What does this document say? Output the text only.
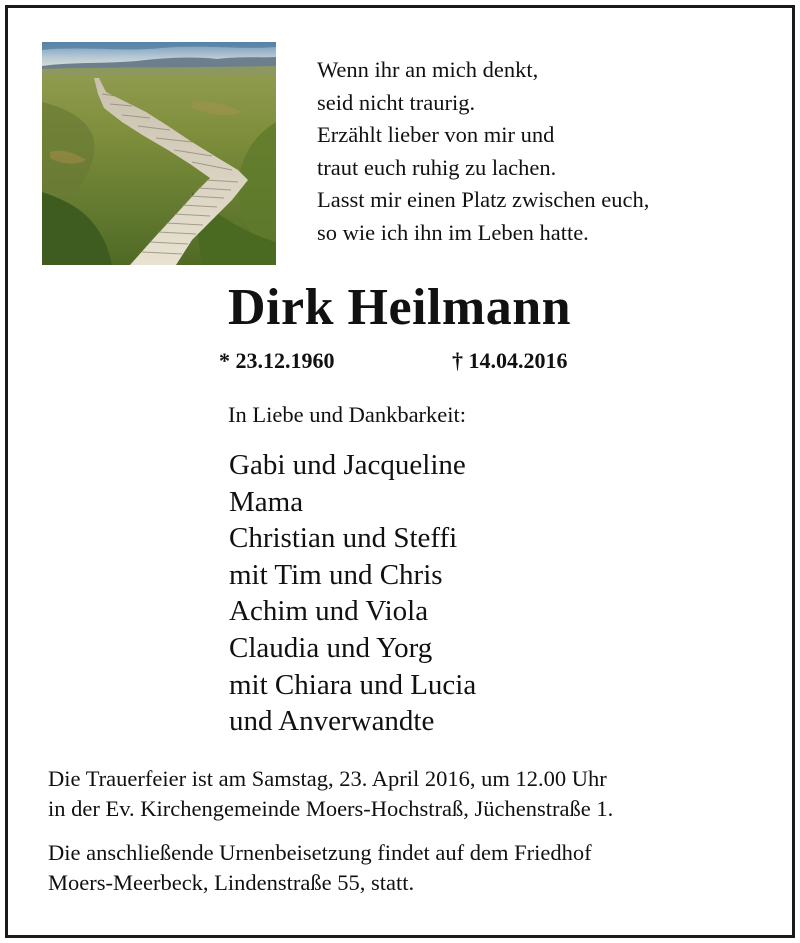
Wenn ihr an mich denkt,
seid nicht traurig.
Erzählt lieber von mir und
traut euch ruhig zu lachen.
Lasst mir einen Platz zwischen euch,
so wie ich ihn im Leben hatte.
Dirk Heilmann
* 23.12.1960	† 14.04.2016
In Liebe und Dankbarkeit:
Gabi und Jacqueline
Mama
Christian und Steffi
mit Tim und Chris
Achim und Viola
Claudia und Yorg
mit Chiara und Lucia
und Anverwandte
Die Trauerfeier ist am Samstag, 23. April 2016, um 12.00 Uhr
in der Ev. Kirchengemeinde Moers-Hochstraß, Jüchenstraße 1.
Die anschließende Urnenbeisetzung findet auf dem Friedhof
Moers-Meerbeck, Lindenstraße 55, statt.
